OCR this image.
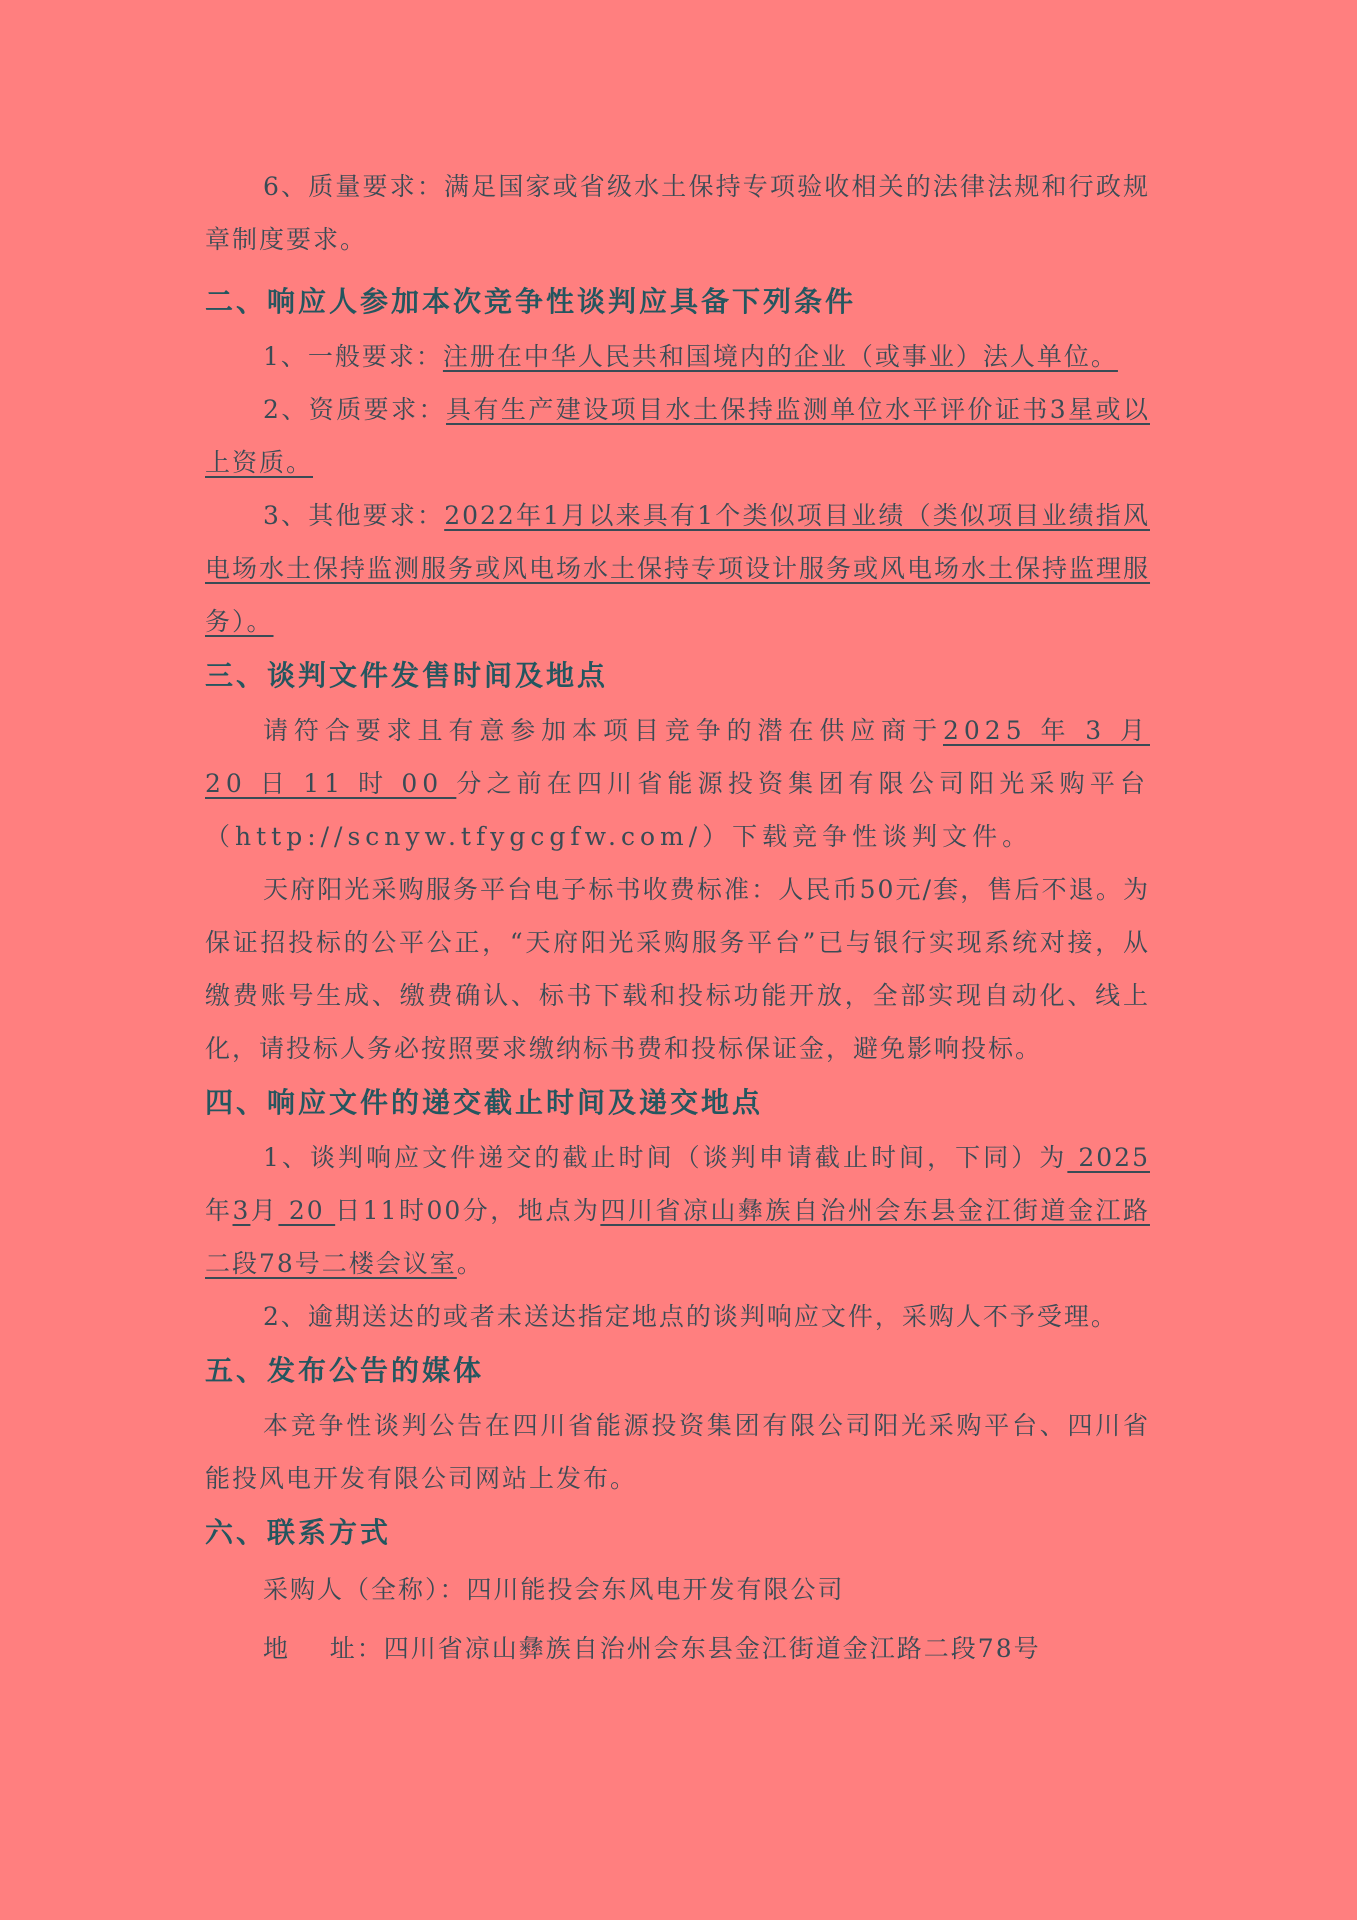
6、质量要求：满足国家或省级水土保持专项验收相关的法律法规和行政规章制度要求。

二、响应人参加本次竞争性谈判应具备下列条件

1、一般要求：注册在中华人民共和国境内的企业（或事业）法人单位。

2、资质要求：具有生产建设项目水土保持监测单位水平评价证书3星或以上资质。

3、其他要求：2022年1月以来具有1个类似项目业绩（类似项目业绩指风电场水土保持监测服务或风电场水土保持专项设计服务或风电场水土保持监理服务）。

三、谈判文件发售时间及地点

请符合要求且有意参加本项目竞争的潜在供应商于2025 年 3 月 20 日 11 时 00 分之前在四川省能源投资集团有限公司阳光采购平台（http://scnyw.tfygcgfw.com/）下载竞争性谈判文件。

天府阳光采购服务平台电子标书收费标准：人民币50元/套，售后不退。为保证招投标的公平公正，“天府阳光采购服务平台”已与银行实现系统对接，从缴费账号生成、缴费确认、标书下载和投标功能开放，全部实现自动化、线上化，请投标人务必按照要求缴纳标书费和投标保证金，避免影响投标。

四、响应文件的递交截止时间及递交地点

1、谈判响应文件递交的截止时间（谈判申请截止时间，下同）为 2025 年3月 20 日11时00分，地点为四川省凉山彝族自治州会东县金江街道金江路二段78号二楼会议室。

2、逾期送达的或者未送达指定地点的谈判响应文件，采购人不予受理。

五、发布公告的媒体

本竞争性谈判公告在四川省能源投资集团有限公司阳光采购平台、四川省能投风电开发有限公司网站上发布。

六、联系方式

采购人（全称）：四川能投会东风电开发有限公司

地    址：四川省凉山彝族自治州会东县金江街道金江路二段78号
